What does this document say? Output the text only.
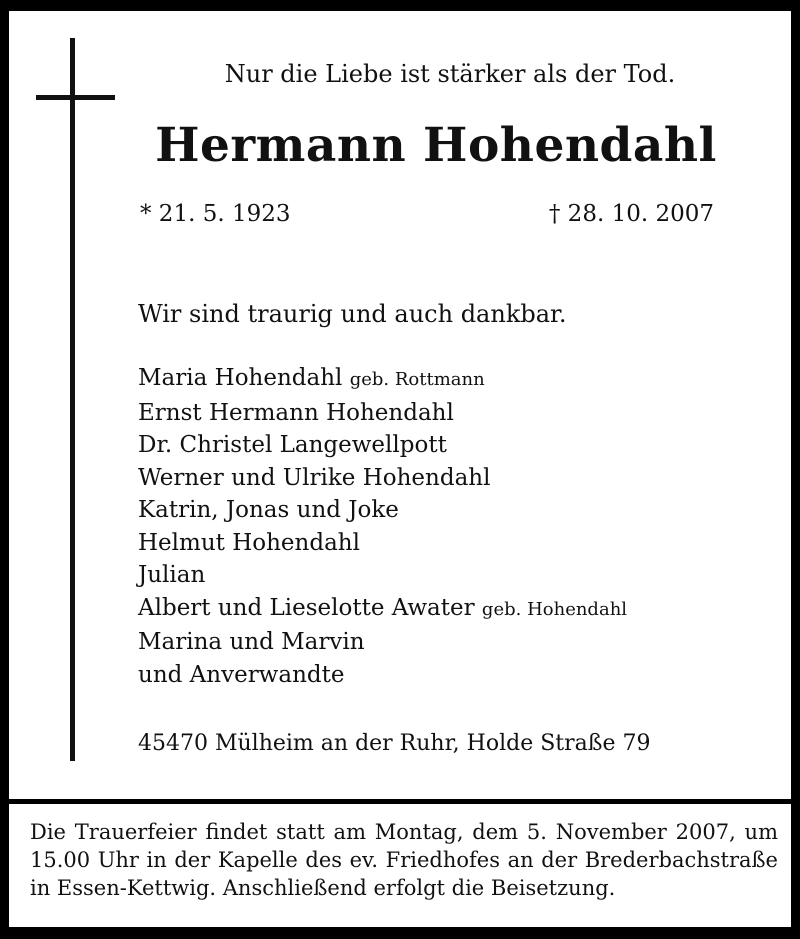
Nur die Liebe ist stärker als der Tod.
Hermann Hohendahl
* 21. 5. 1923	† 28. 10. 2007
Wir sind traurig und auch dankbar.
Maria Hohendahl geb. Rottmann
Ernst Hermann Hohendahl
Dr. Christel Langewellpott
Werner und Ulrike Hohendahl
Katrin, Jonas und Joke
Helmut Hohendahl
Julian
Albert und Lieselotte Awater geb. Hohendahl
Marina und Marvin
und Anverwandte
45470 Mülheim an der Ruhr, Holde Straße 79

Die Trauerfeier findet statt am Montag, dem 5. November 2007, um 15.00 Uhr in der Kapelle des ev. Friedhofes an der Brederbachstraße in Essen-Kettwig. Anschließend erfolgt die Beisetzung.
